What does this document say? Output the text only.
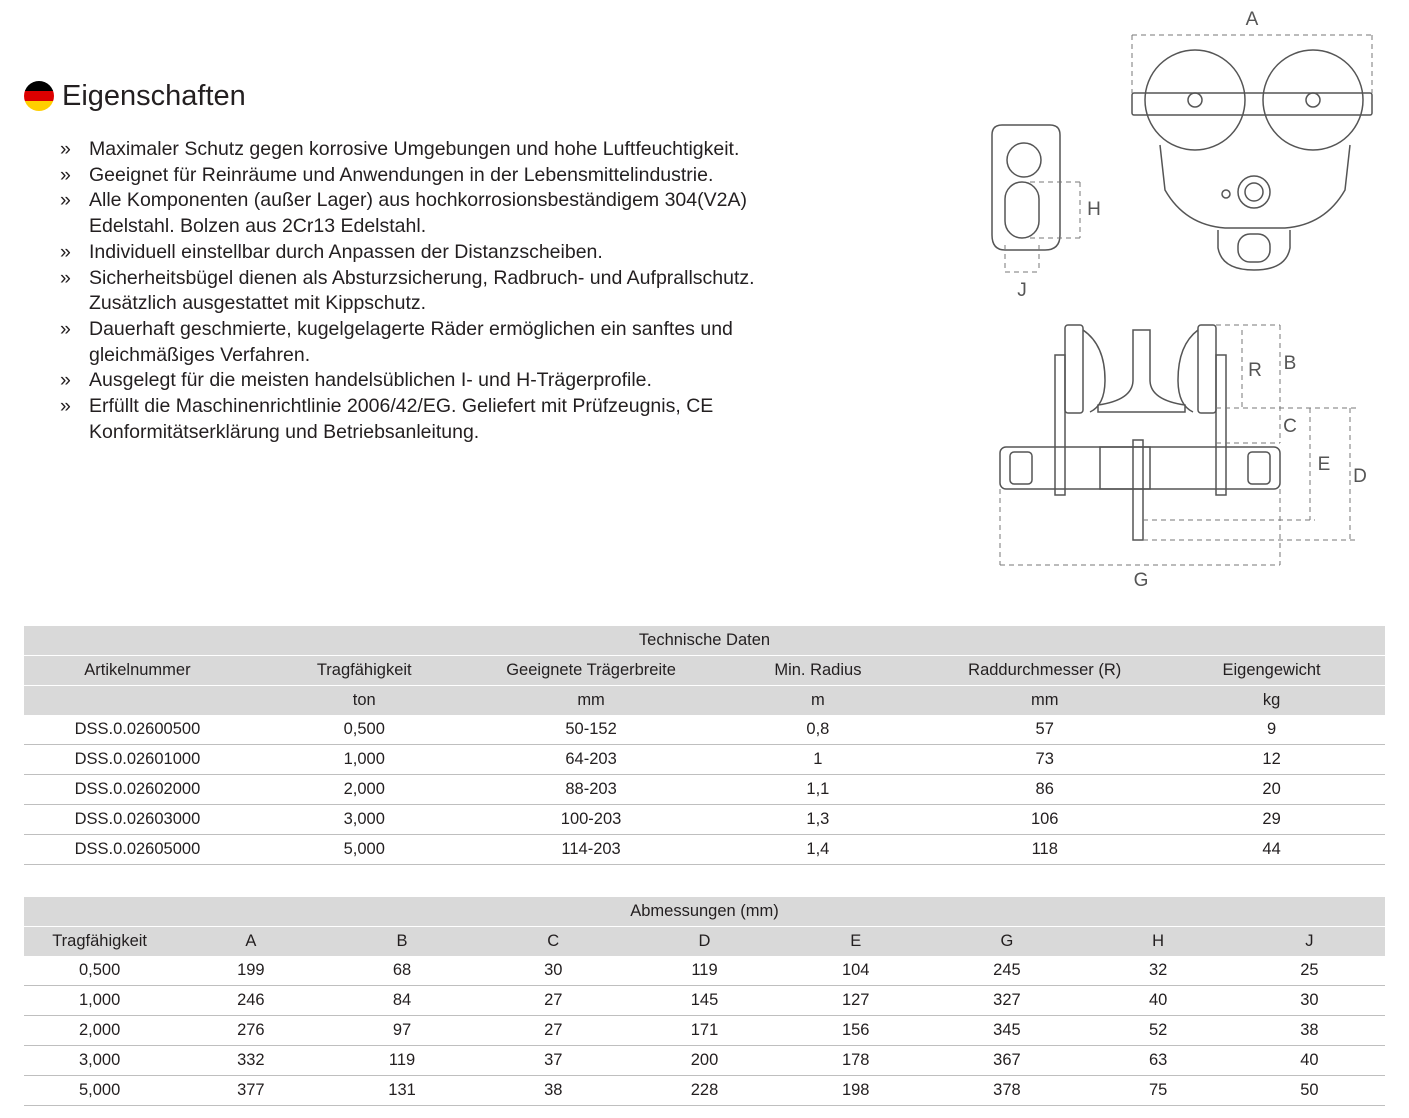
Eigenschaften
» Maximaler Schutz gegen korrosive Umgebungen und hohe Luftfeuchtigkeit.
» Geeignet für Reinräume und Anwendungen in der Lebensmittelindustrie.
» Alle Komponenten (außer Lager) aus hochkorrosionsbeständigem 304(V2A) Edelstahl. Bolzen aus 2Cr13 Edelstahl.
» Individuell einstellbar durch Anpassen der Distanzscheiben.
» Sicherheitsbügel dienen als Absturzsicherung, Radbruch- und Aufprallschutz. Zusätzlich ausgestattet mit Kippschutz.
» Dauerhaft geschmierte, kugelgelagerte Räder ermöglichen ein sanftes und gleichmäßiges Verfahren.
» Ausgelegt für die meisten handelsüblichen I- und H-Trägerprofile.
» Erfüllt die Maschinenrichtlinie 2006/42/EG. Geliefert mit Prüfzeugnis, CE Konformitätserklärung und Betriebsanleitung.
A
H
J
R B
C
E
D
G
Technische Daten					
Artikelnummer	Tragfähigkeit	Geeignete Trägerbreite	Min. Radius	Raddurchmesser (R)	Eigengewicht
	ton	mm	m	mm	kg
DSS.0.02600500	0,500	50-152	0,8	57	9
DSS.0.02601000	1,000	64-203	1	73	12
DSS.0.02602000	2,000	88-203	1,1	86	20
DSS.0.02603000	3,000	100-203	1,3	106	29
DSS.0.02605000	5,000	114-203	1,4	118	44
Abmessungen (mm)								
Tragfähigkeit	A	B	C	D	E	G	H	J
0,500	199	68	30	119	104	245	32	25
1,000	246	84	27	145	127	327	40	30
2,000	276	97	27	171	156	345	52	38
3,000	332	119	37	200	178	367	63	40
5,000	377	131	38	228	198	378	75	50
